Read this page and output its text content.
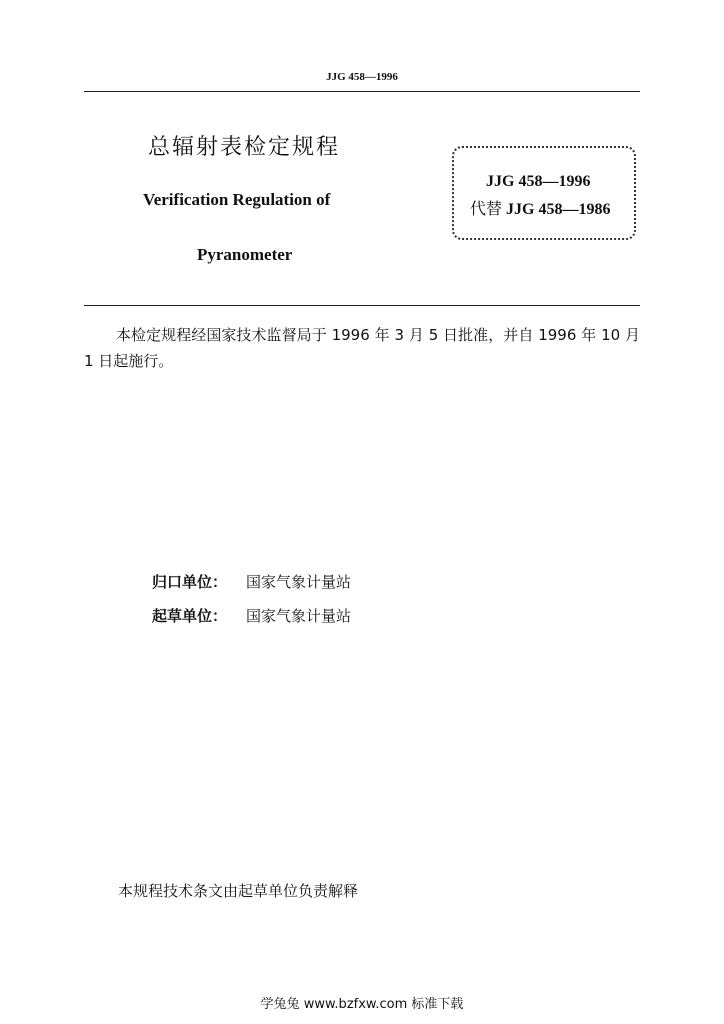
JJG 458—1996
总辐射表检定规程
Verification Regulation of
Pyranometer
JJG 458—1996
代替 JJG 458—1986
本检定规程经国家技术监督局于 1996 年 3 月 5 日批准，并自 1996 年 10 月 1 日起施行。
归口单位： 国家气象计量站
起草单位： 国家气象计量站
本规程技术条文由起草单位负责解释
学兔兔 www.bzfxw.com 标准下载
